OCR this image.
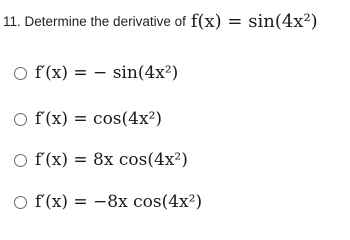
11. Determine the derivative of f(x) = sin(4x²)
f′(x) = − sin(4x²)
f′(x) = cos(4x²)
f′(x) = 8x cos(4x²)
f′(x) = −8x cos(4x²)
